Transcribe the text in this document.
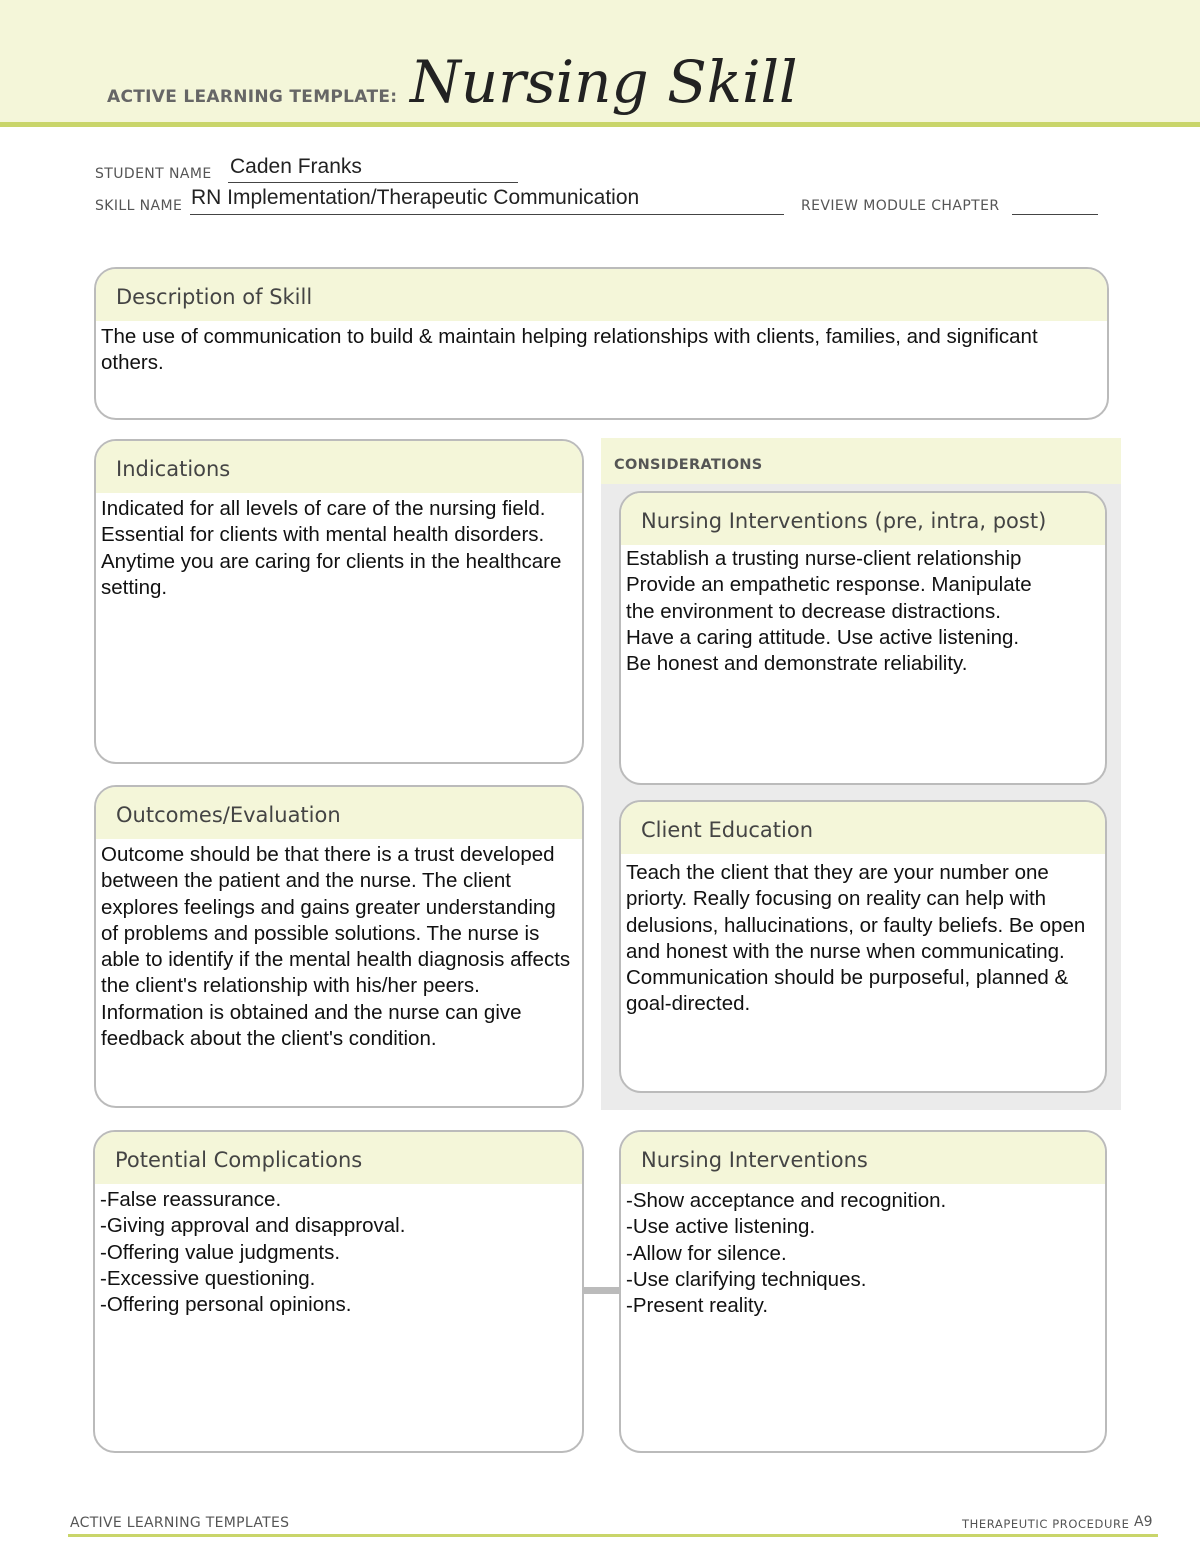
ACTIVE LEARNING TEMPLATE: Nursing Skill
STUDENT NAME Caden Franks
SKILL NAME RN Implementation/Therapeutic Communication	REVIEW MODULE CHAPTER
Description of Skill
The use of communication to build & maintain helping relationships with clients, families, and significant others.
CONSIDERATIONS
Indications
Indicated for all levels of care of the nursing field. Essential for clients with mental health disorders. Anytime you are caring for clients in the healthcare setting.
Nursing Interventions (pre, intra, post)
Establish a trusting nurse-client relationship
Provide an empathetic response. Manipulate
the environment to decrease distractions.
Have a caring attitude. Use active listening.
Be honest and demonstrate reliability.
Outcomes/Evaluation
Outcome should be that there is a trust developed between the patient and the nurse. The client explores feelings and gains greater understanding of problems and possible solutions. The nurse is able to identify if the mental health diagnosis affects the client's relationship with his/her peers. Information is obtained and the nurse can give feedback about the client's condition.
Client Education
Teach the client that they are your number one priorty. Really focusing on reality can help with delusions, hallucinations, or faulty beliefs. Be open and honest with the nurse when communicating. Communication should be purposeful, planned & goal-directed.
Potential Complications
-False reassurance.
-Giving approval and disapproval.
-Offering value judgments.
-Excessive questioning.
-Offering personal opinions.
Nursing Interventions
-Show acceptance and recognition.
-Use active listening.
-Allow for silence.
-Use clarifying techniques.
-Present reality.
ACTIVE LEARNING TEMPLATES	THERAPEUTIC PROCEDURE A9
